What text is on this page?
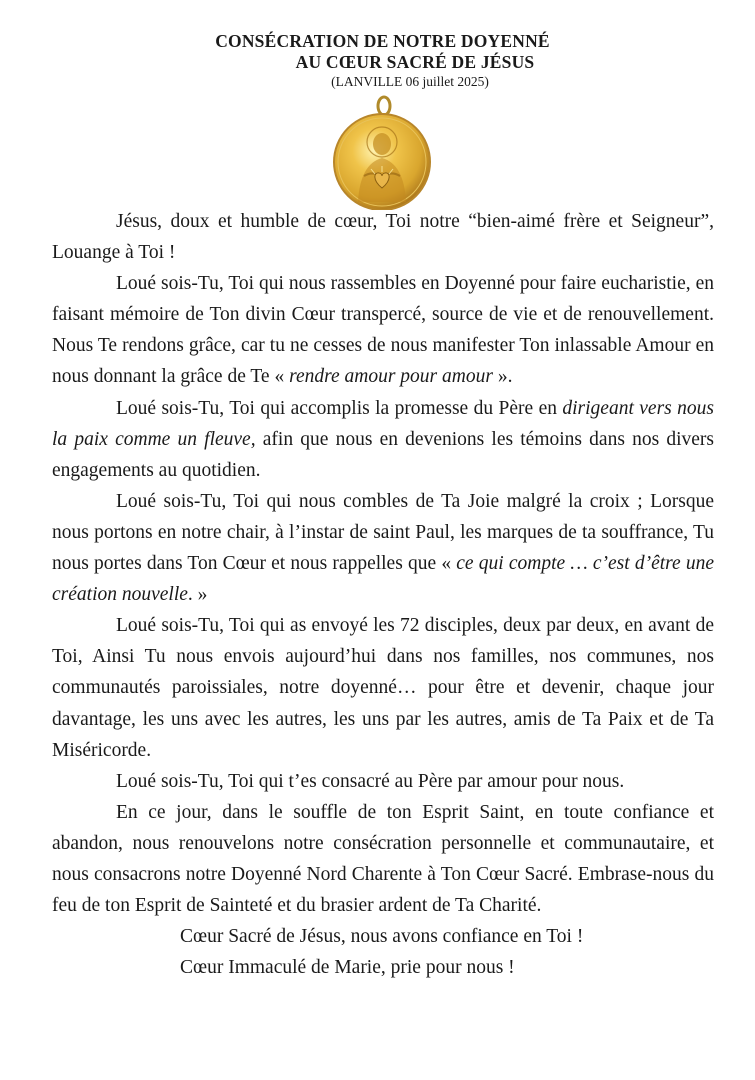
CONSÉCRATION DE NOTRE DOYENNÉ
AU CŒUR SACRÉ DE JÉSUS
(LANVILLE 06 juillet 2025)

Jésus, doux et humble de cœur, Toi notre “bien-aimé frère et Seigneur”, Louange à Toi !

Loué sois-Tu, Toi qui nous rassembles en Doyenné pour faire eucharistie, en faisant mémoire de Ton divin Cœur transpercé, source de vie et de renouvellement. Nous Te rendons grâce, car tu ne cesses de nous manifester Ton inlassable Amour en nous donnant la grâce de Te « rendre amour pour amour ».

Loué sois-Tu, Toi qui accomplis la promesse du Père en dirigeant vers nous la paix comme un fleuve, afin que nous en devenions les témoins dans nos divers engagements au quotidien.

Loué sois-Tu, Toi qui nous combles de Ta Joie malgré la croix ; Lorsque nous portons en notre chair, à l’instar de saint Paul, les marques de ta souffrance, Tu nous portes dans Ton Cœur et nous rappelles que « ce qui compte … c’est d’être une création nouvelle. »

Loué sois-Tu, Toi qui as envoyé les 72 disciples, deux par deux, en avant de Toi, Ainsi Tu nous envois aujourd’hui dans nos familles, nos communes, nos communautés paroissiales, notre doyenné… pour être et devenir, chaque jour davantage, les uns avec les autres, les uns par les autres, amis de Ta Paix et de Ta Miséricorde.

Loué sois-Tu, Toi qui t’es consacré au Père par amour pour nous.

En ce jour, dans le souffle de ton Esprit Saint, en toute confiance et abandon, nous renouvelons notre consécration personnelle et communautaire, et nous consacrons notre Doyenné Nord Charente à Ton Cœur Sacré. Embrase-nous du feu de ton Esprit de Sainteté et du brasier ardent de Ta Charité.

Cœur Sacré de Jésus, nous avons confiance en Toi !

Cœur Immaculé de Marie, prie pour nous !
